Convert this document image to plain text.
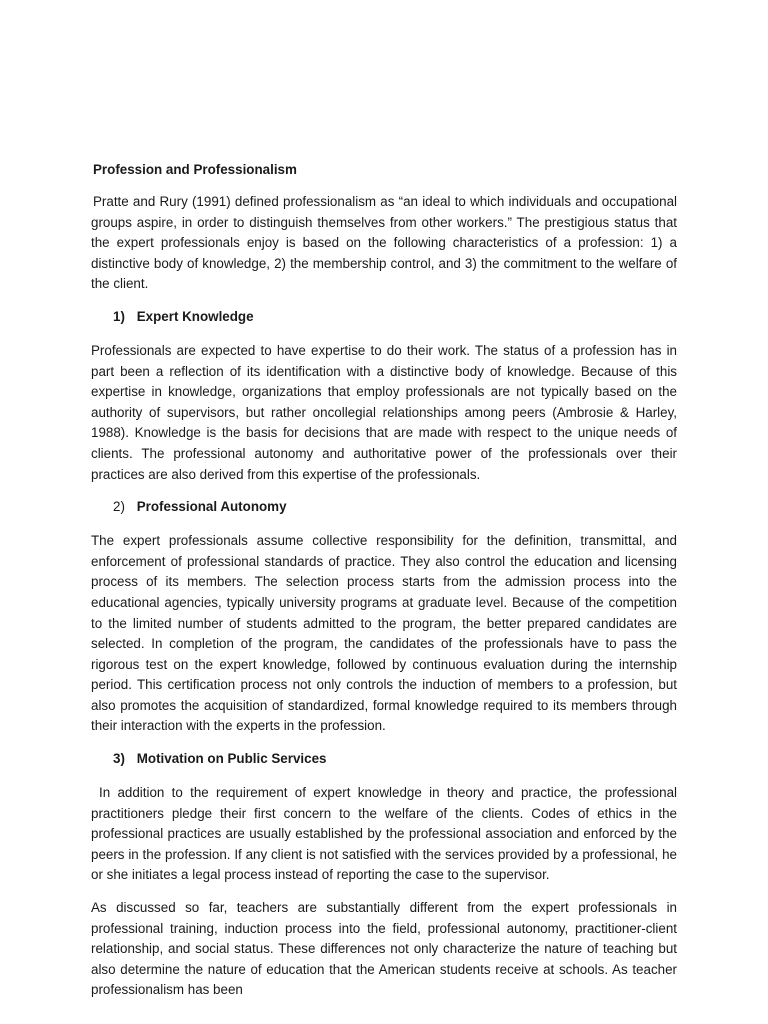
Profession and Professionalism

Pratte and Rury (1991) defined professionalism as “an ideal to which individuals and occupational groups aspire, in order to distinguish themselves from other workers.” The prestigious status that the expert professionals enjoy is based on the following characteristics of a profession: 1) a distinctive body of knowledge, 2) the membership control, and 3) the commitment to the welfare of the client.

1) Expert Knowledge

Professionals are expected to have expertise to do their work. The status of a profession has in part been a reflection of its identification with a distinctive body of knowledge. Because of this expertise in knowledge, organizations that employ professionals are not typically based on the authority of supervisors, but rather oncollegial relationships among peers (Ambrosie & Harley, 1988). Knowledge is the basis for decisions that are made with respect to the unique needs of clients. The professional autonomy and authoritative power of the professionals over their practices are also derived from this expertise of the professionals.

2) Professional Autonomy

The expert professionals assume collective responsibility for the definition, transmittal, and enforcement of professional standards of practice. They also control the education and licensing process of its members. The selection process starts from the admission process into the educational agencies, typically university programs at graduate level. Because of the competition to the limited number of students admitted to the program, the better prepared candidates are selected. In completion of the program, the candidates of the professionals have to pass the rigorous test on the expert knowledge, followed by continuous evaluation during the internship period. This certification process not only controls the induction of members to a profession, but also promotes the acquisition of standardized, formal knowledge required to its members through their interaction with the experts in the profession.

3) Motivation on Public Services

In addition to the requirement of expert knowledge in theory and practice, the professional practitioners pledge their first concern to the welfare of the clients. Codes of ethics in the professional practices are usually established by the professional association and enforced by the peers in the profession. If any client is not satisfied with the services provided by a professional, he or she initiates a legal process instead of reporting the case to the supervisor.

As discussed so far, teachers are substantially different from the expert professionals in professional training, induction process into the field, professional autonomy, practitioner-client relationship, and social status. These differences not only characterize the nature of teaching but also determine the nature of education that the American students receive at schools. As teacher professionalism has been
